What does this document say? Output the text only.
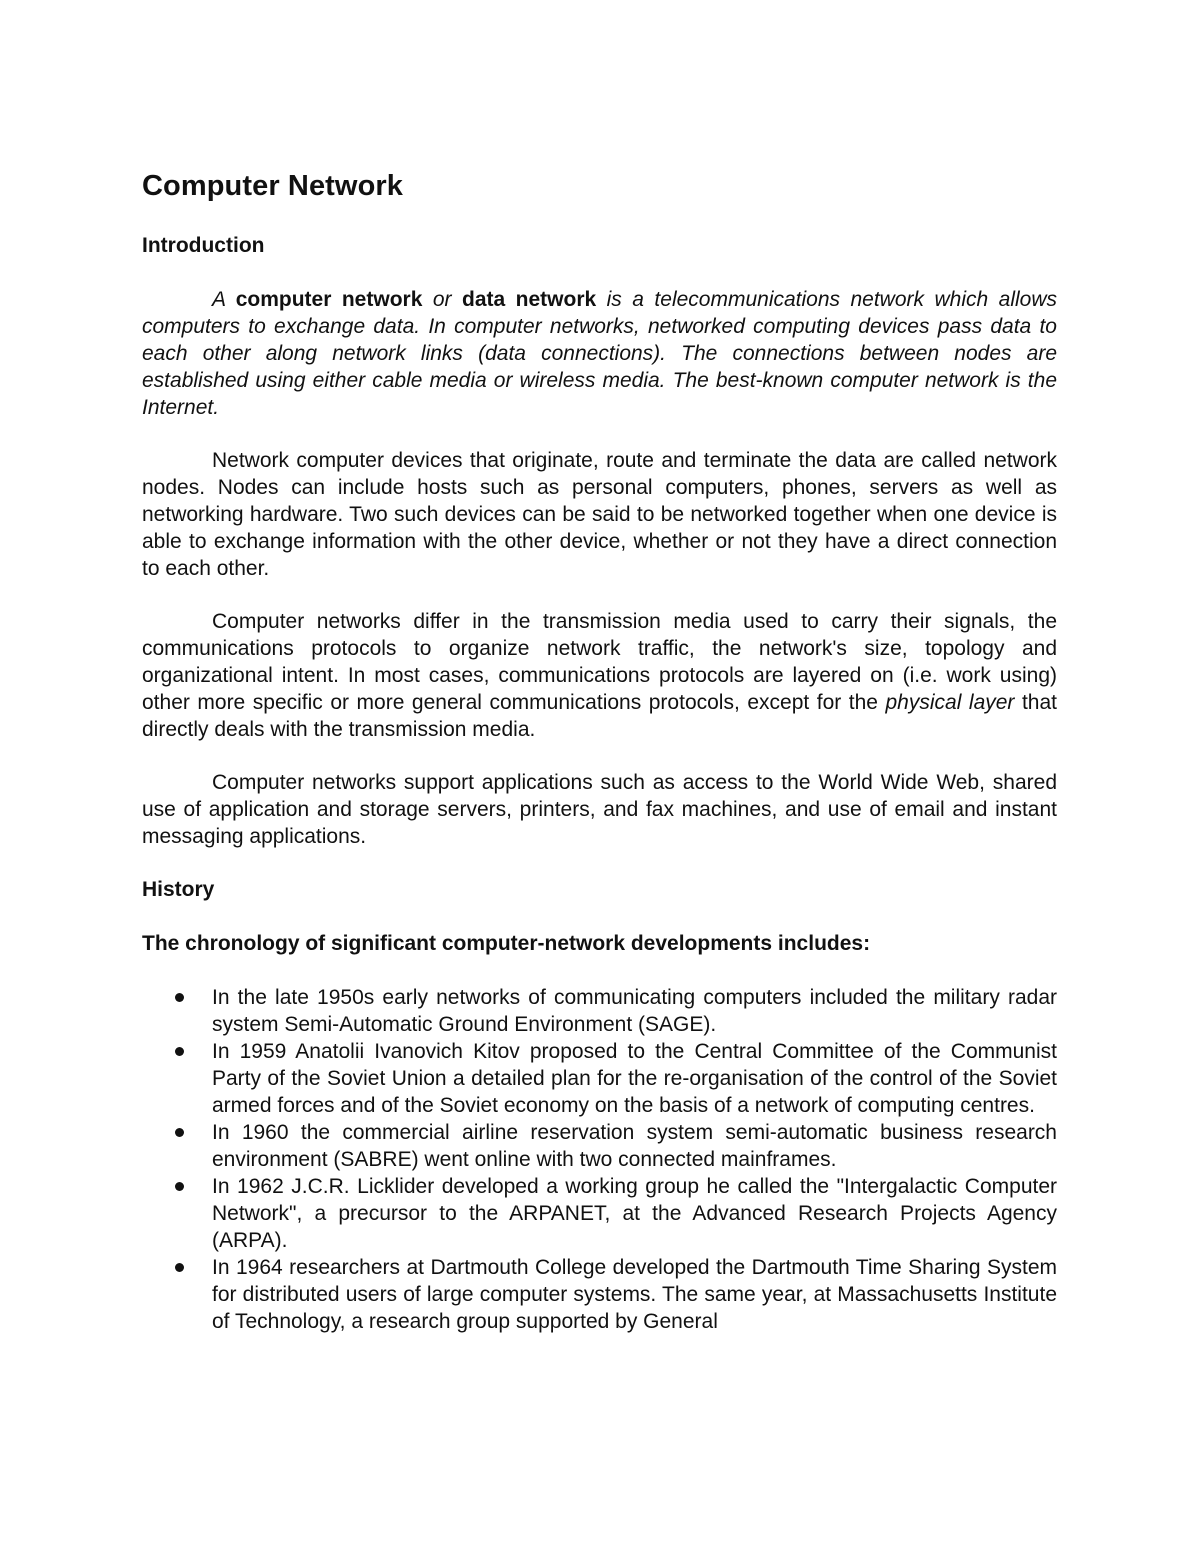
Computer Network
Introduction

A computer network or data network is a telecommunications network which allows computers to exchange data. In computer networks, networked computing devices pass data to each other along network links (data connections). The connections between nodes are established using either cable media or wireless media. The best-known computer network is the Internet.

Network computer devices that originate, route and terminate the data are called network nodes. Nodes can include hosts such as personal computers, phones, servers as well as networking hardware. Two such devices can be said to be networked together when one device is able to exchange information with the other device, whether or not they have a direct connection to each other.

Computer networks differ in the transmission media used to carry their signals, the communications protocols to organize network traffic, the network's size, topology and organizational intent. In most cases, communications protocols are layered on (i.e. work using) other more specific or more general communications protocols, except for the physical layer that directly deals with the transmission media.

Computer networks support applications such as access to the World Wide Web, shared use of application and storage servers, printers, and fax machines, and use of email and instant messaging applications.

History
The chronology of significant computer-network developments includes:
In the late 1950s early networks of communicating computers included the military radar system Semi-Automatic Ground Environment (SAGE).
In 1959 Anatolii Ivanovich Kitov proposed to the Central Committee of the Communist Party of the Soviet Union a detailed plan for the re-organisation of the control of the Soviet armed forces and of the Soviet economy on the basis of a network of computing centres.
In 1960 the commercial airline reservation system semi-automatic business research environment (SABRE) went online with two connected mainframes.
In 1962 J.C.R. Licklider developed a working group he called the "Intergalactic Computer Network", a precursor to the ARPANET, at the Advanced Research Projects Agency (ARPA).
In 1964 researchers at Dartmouth College developed the Dartmouth Time Sharing System for distributed users of large computer systems. The same year, at Massachusetts Institute of Technology, a research group supported by General
